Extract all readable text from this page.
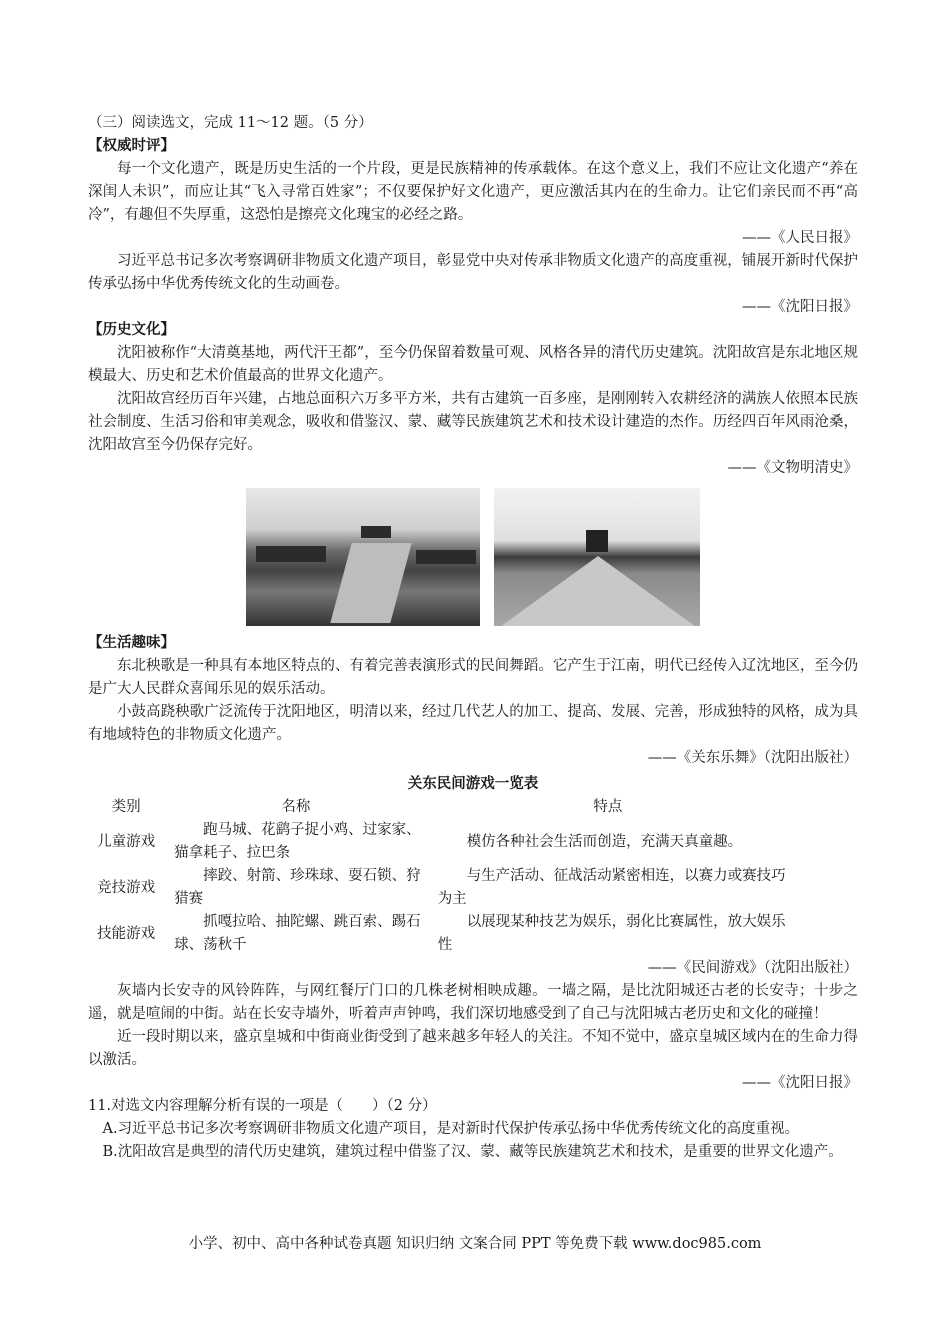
（三）阅读选文，完成 11～12 题。（5 分）
【权威时评】

每一个文化遗产，既是历史生活的一个片段，更是民族精神的传承载体。在这个意义上，我们不应让文化遗产“养在深闺人未识”，而应让其“飞入寻常百姓家”；不仅要保护好文化遗产，更应激活其内在的生命力。让它们亲民而不再“高冷”，有趣但不失厚重，这恐怕是擦亮文化瑰宝的必经之路。

——《人民日报》

习近平总书记多次考察调研非物质文化遗产项目，彰显党中央对传承非物质文化遗产的高度重视，铺展开新时代保护传承弘扬中华优秀传统文化的生动画卷。

——《沈阳日报》
【历史文化】

沈阳被称作“大清奠基地，两代汗王都”，至今仍保留着数量可观、风格各异的清代历史建筑。沈阳故宫是东北地区规模最大、历史和艺术价值最高的世界文化遗产。

沈阳故宫经历百年兴建，占地总面积六万多平方米，共有古建筑一百多座，是刚刚转入农耕经济的满族人依照本民族社会制度、生活习俗和审美观念，吸收和借鉴汉、蒙、藏等民族建筑艺术和技术设计建造的杰作。历经四百年风雨沧桑，沈阳故宫至今仍保存完好。

——《文物明清史》
【生活趣味】

东北秧歌是一种具有本地区特点的、有着完善表演形式的民间舞蹈。它产生于江南，明代已经传入辽沈地区，至今仍是广大人民群众喜闻乐见的娱乐活动。

小鼓高跷秧歌广泛流传于沈阳地区，明清以来，经过几代艺人的加工、提高、发展、完善，形成独特的风格，成为具有地域特色的非物质文化遗产。

——《关东乐舞》（沈阳出版社）
关东民间游戏一览表
类别	名称	特点
儿童游戏	跑马城、花鹞子捉小鸡、过家家、猫拿耗子、拉巴条	模仿各种社会生活而创造，充满天真童趣。

竞技游戏	摔跤、射箭、珍珠球、耍石锁、狩猎赛	与生产活动、征战活动紧密相连，以赛力或赛技巧为主

技能游戏	抓嘎拉哈、抽陀螺、跳百索、踢石球、荡秋千	以展现某种技艺为娱乐，弱化比赛属性，放大娱乐性
——《民间游戏》（沈阳出版社）

灰墙内长安寺的风铃阵阵，与网红餐厅门口的几株老树相映成趣。一墙之隔，是比沈阳城还古老的长安寺；十步之遥，就是喧闹的中街。站在长安寺墙外，听着声声钟鸣，我们深切地感受到了自己与沈阳城古老历史和文化的碰撞！

近一段时期以来，盛京皇城和中街商业街受到了越来越多年轻人的关注。不知不觉中，盛京皇城区域内在的生命力得以激活。

——《沈阳日报》
11.对选文内容理解分析有误的一项是（　　）（2 分）

A.习近平总书记多次考察调研非物质文化遗产项目，是对新时代保护传承弘扬中华优秀传统文化的高度重视。

B.沈阳故宫是典型的清代历史建筑，建筑过程中借鉴了汉、蒙、藏等民族建筑艺术和技术，是重要的世界文化遗产。

小学、初中、高中各种试卷真题 知识归纳 文案合同 PPT 等免费下载 www.doc985.com
